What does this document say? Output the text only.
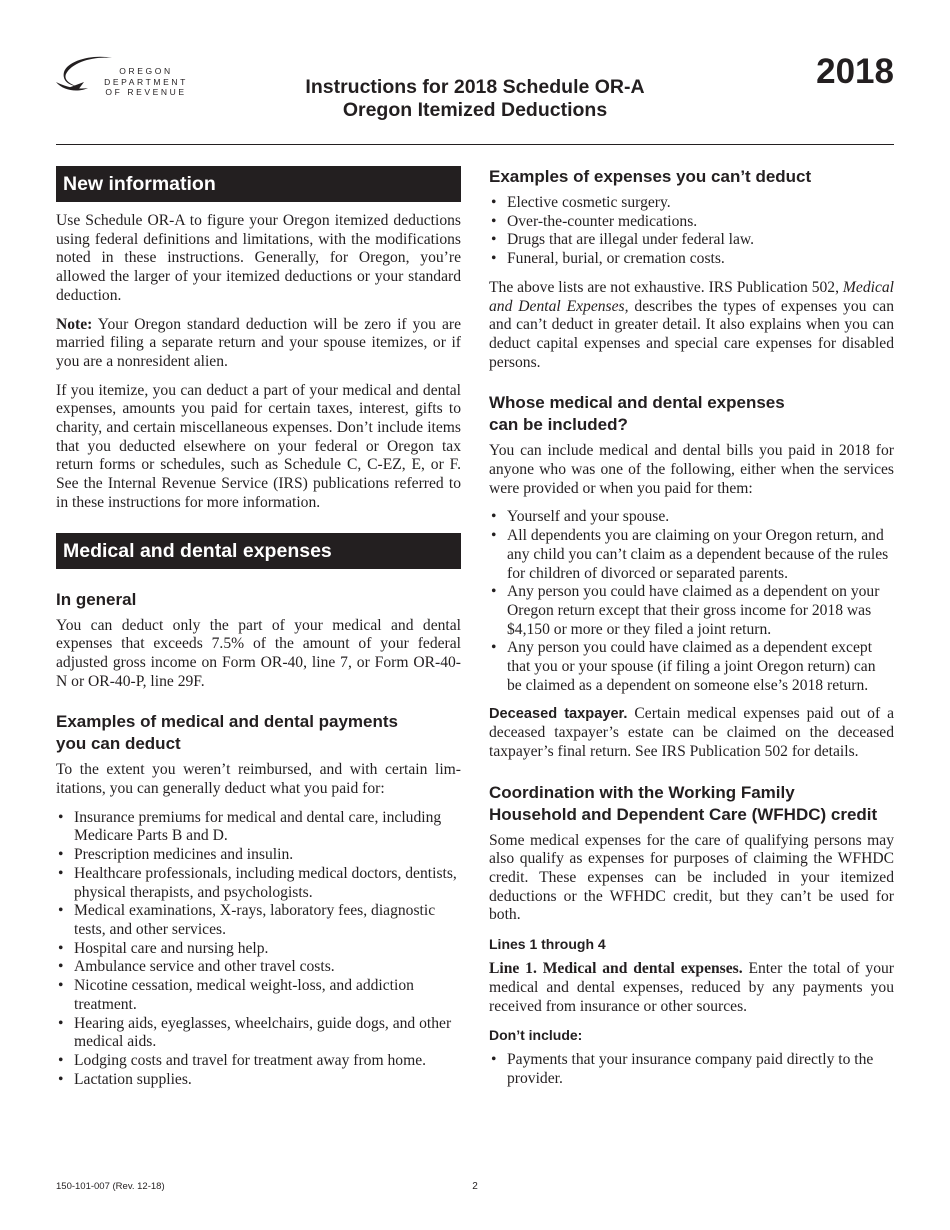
OREGON DEPARTMENT OF REVENUE	Instructions for 2018 Schedule OR-A
Oregon Itemized Deductions
2018
New information

Use Schedule OR-A to figure your Oregon itemized deductions using federal definitions and limitations, with the modifications noted in these instructions. Generally, for Oregon, you’re allowed the larger of your itemized deductions or your standard deduction.

Note: Your Oregon standard deduction will be zero if you are married filing a separate return and your spouse itemizes, or if you are a nonresident alien.

If you itemize, you can deduct a part of your medical and dental expenses, amounts you paid for certain taxes, interest, gifts to charity, and certain miscellaneous expenses. Don’t include items that you deducted elsewhere on your federal or Oregon tax return forms or schedules, such as Schedule C, C-EZ, E, or F. See the Internal Revenue Service (IRS) publications referred to in these instructions for more information.

Medical and dental expenses
In general

You can deduct only the part of your medical and dental expenses that exceeds 7.5% of the amount of your federal adjusted gross income on Form OR-40, line 7, or Form OR-40-N or OR-40-P, line 29F.

Examples of medical and dental payments
you can deduct

To the extent you weren’t reimbursed, and with certain limitations, you can generally deduct what you paid for:

• Insurance premiums for medical and dental care, including Medicare Parts B and D.
• Prescription medicines and insulin.
• Healthcare professionals, including medical doctors, dentists, physical therapists, and psychologists.
• Medical examinations, X-rays, laboratory fees, diagnostic tests, and other services.
• Hospital care and nursing help.
• Ambulance service and other travel costs.
• Nicotine cessation, medical weight-loss, and addiction treatment.
• Hearing aids, eyeglasses, wheelchairs, guide dogs, and other medical aids.
• Lodging costs and travel for treatment away from home.
• Lactation supplies.
Examples of expenses you can’t deduct
• Elective cosmetic surgery.
• Over-the-counter medications.
• Drugs that are illegal under federal law.
• Funeral, burial, or cremation costs.

The above lists are not exhaustive. IRS Publication 502, Medical and Dental Expenses, describes the types of expenses you can and can’t deduct in greater detail. It also explains when you can deduct capital expenses and special care expenses for disabled persons.

Whose medical and dental expenses
can be included?

You can include medical and dental bills you paid in 2018 for anyone who was one of the following, either when the services were provided or when you paid for them:

• Yourself and your spouse.
• All dependents you are claiming on your Oregon return, and any child you can’t claim as a dependent because of the rules for children of divorced or separated parents.
• Any person you could have claimed as a dependent on your Oregon return except that their gross income for 2018 was $4,150 or more or they filed a joint return.
• Any person you could have claimed as a dependent except that you or your spouse (if filing a joint Oregon return) can be claimed as a dependent on someone else’s 2018 return.

Deceased taxpayer. Certain medical expenses paid out of a deceased taxpayer’s estate can be claimed on the deceased taxpayer’s final return. See IRS Publication 502 for details.

Coordination with the Working Family
Household and Dependent Care (WFHDC) credit

Some medical expenses for the care of qualifying persons may also qualify as expenses for purposes of claiming the WFHDC credit. These expenses can be included in your itemized deductions or the WFHDC credit, but they can’t be used for both.

Lines 1 through 4

Line 1. Medical and dental expenses. Enter the total of your medical and dental expenses, reduced by any payments you received from insurance or other sources.

Don’t include:
• Payments that your insurance company paid directly to the provider.
150-101-007 (Rev. 12-18)	2
